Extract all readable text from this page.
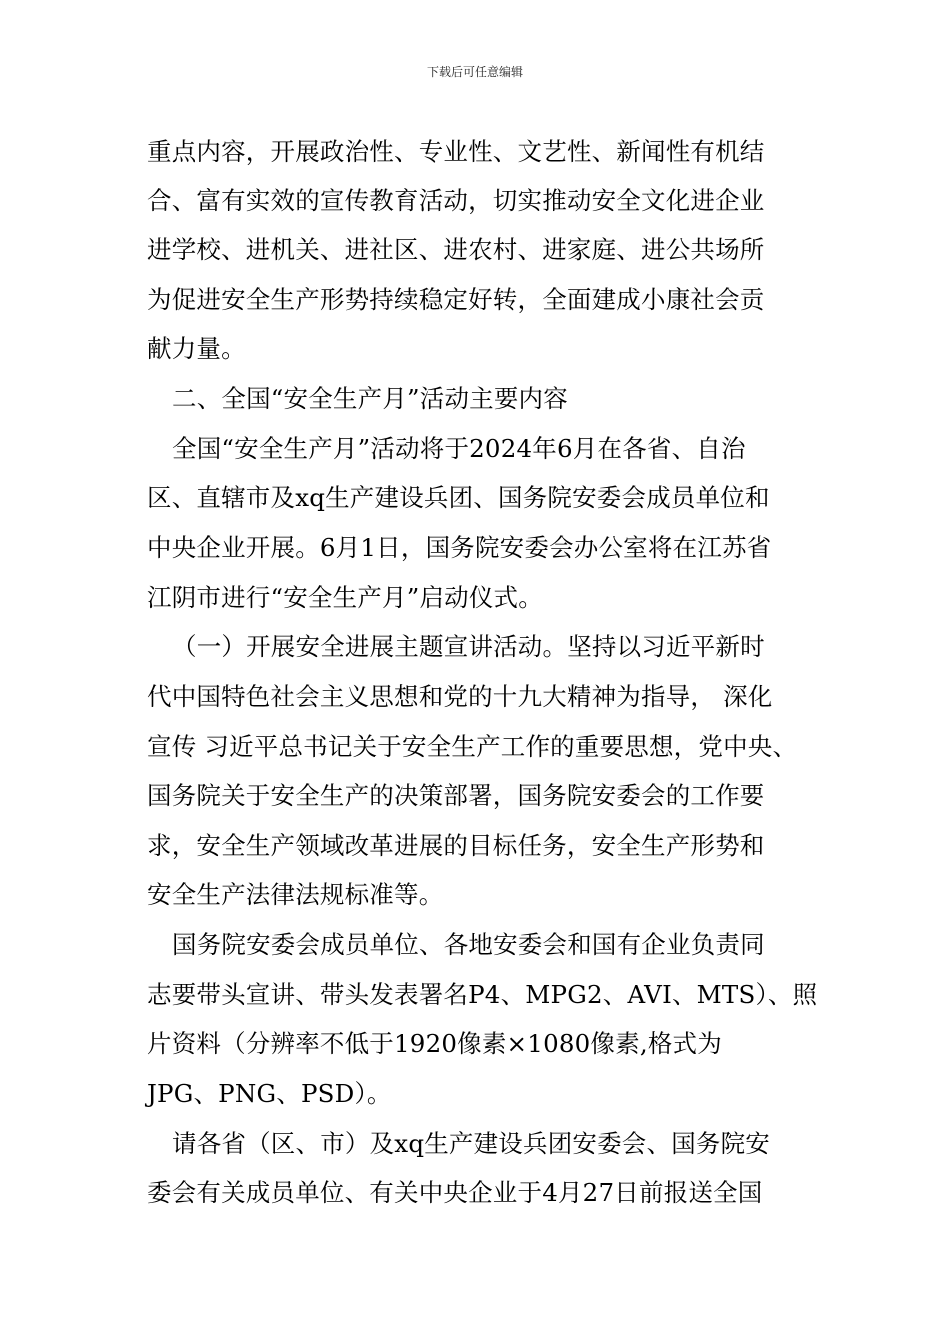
下载后可任意编辑
重点内容，开展政治性、专业性、文艺性、新闻性有机结
合、富有实效的宣传教育活动，切实推动安全文化进企业
进学校、进机关、进社区、进农村、进家庭、进公共场所
为促进安全生产形势持续稳定好转，全面建成小康社会贡
献力量。
二、全国“安全生产月”活动主要内容
全国“安全生产月”活动将于2024年6月在各省、自治
区、直辖市及xq生产建设兵团、国务院安委会成员单位和
中央企业开展。6月1日，国务院安委会办公室将在江苏省
江阴市进行“安全生产月”启动仪式。
（一）开展安全进展主题宣讲活动。坚持以习近平新时
代中国特色社会主义思想和党的十九大精神为指导， 深化
宣传 习近平总书记关于安全生产工作的重要思想，党中央、
国务院关于安全生产的决策部署，国务院安委会的工作要
求，安全生产领域改革进展的目标任务，安全生产形势和
安全生产法律法规标准等。
国务院安委会成员单位、各地安委会和国有企业负责同
志要带头宣讲、带头发表署名P4、MPG2、AVI、MTS）、照
片资料（分辨率不低于1920像素×1080像素,格式为
JPG、PNG、PSD）。
请各省（区、市）及xq生产建设兵团安委会、国务院安
委会有关成员单位、有关中央企业于4月27日前报送全国
